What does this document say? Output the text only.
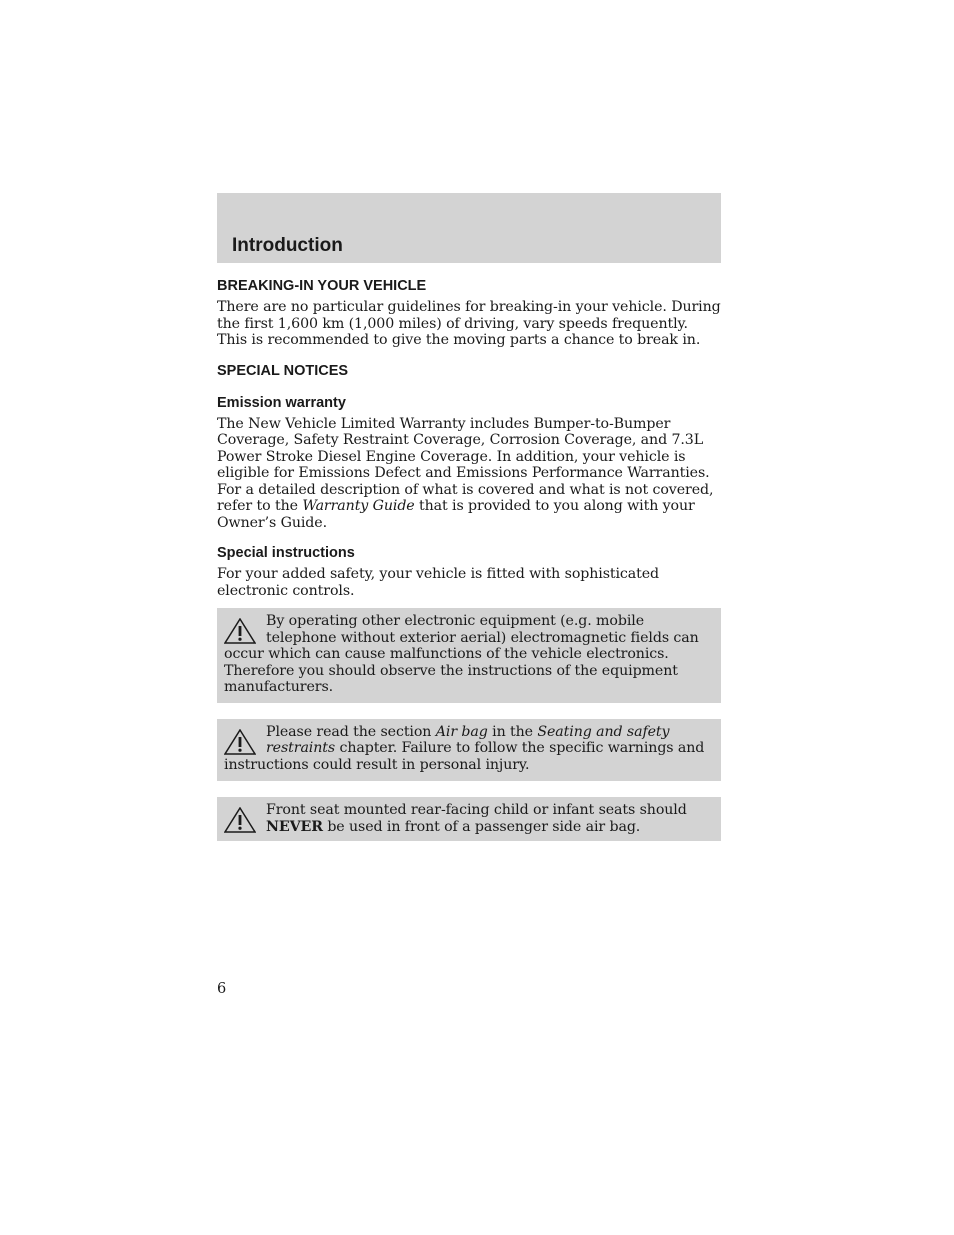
Introduction
BREAKING-IN YOUR VEHICLE

There are no particular guidelines for breaking-in your vehicle. During the first 1,600 km (1,000 miles) of driving, vary speeds frequently. This is recommended to give the moving parts a chance to break in.

SPECIAL NOTICES
Emission warranty

The New Vehicle Limited Warranty includes Bumper-to-Bumper Coverage, Safety Restraint Coverage, Corrosion Coverage, and 7.3L Power Stroke Diesel Engine Coverage. In addition, your vehicle is eligible for Emissions Defect and Emissions Performance Warranties. For a detailed description of what is covered and what is not covered, refer to the Warranty Guide that is provided to you along with your Owner’s Guide.

Special instructions

For your added safety, your vehicle is fitted with sophisticated electronic controls.

By operating other electronic equipment (e.g. mobile telephone without exterior aerial) electromagnetic fields can occur which can cause malfunctions of the vehicle electronics. Therefore you should observe the instructions of the equipment manufacturers.

Please read the section Air bag in the Seating and safety restraints chapter. Failure to follow the specific warnings and instructions could result in personal injury.

Front seat mounted rear-facing child or infant seats should NEVER be used in front of a passenger side air bag.

6
